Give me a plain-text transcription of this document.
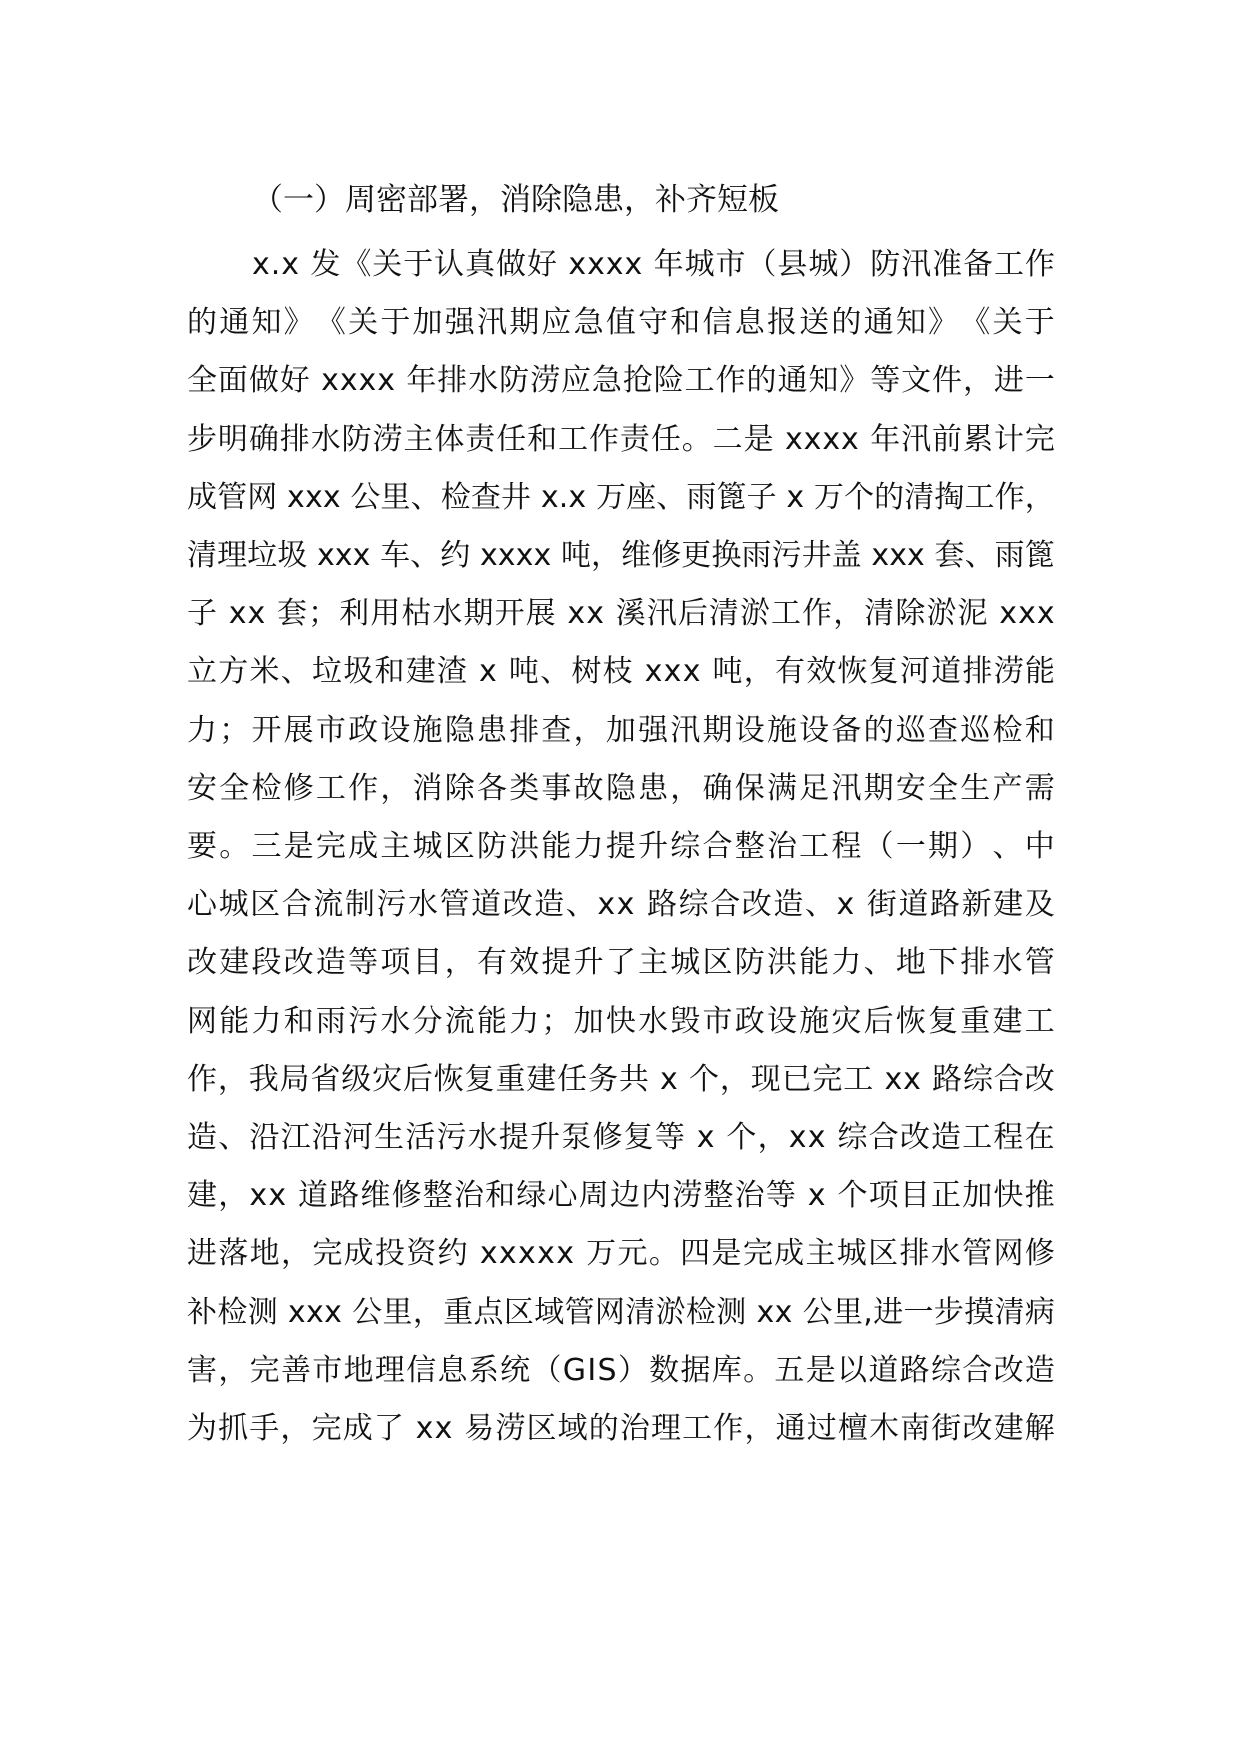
（一）周密部署，消除隐患，补齐短板
x . x
发 《 关 于 认 真 做 好
x x x x
年 城 市 （ 县 城 ） 防 汛 准 备 工 作
的 通 知 》 《 关 于 加 强 汛 期 应 急 值 守 和 信 息 报 送 的 通 知 》 《 关 于
全 面 做 好
x x x x
年 排 水 防 涝 应 急 抢 险 工 作 的 通 知 》 等 文 件 ， 进 一
步 明 确 排 水 防 涝 主 体 责 任 和 工 作 责 任 。 二 是
x x x x
年 汛 前 累 计 完
成 管 网
x x x
公 里 、 检 查 井
x . x
万 座 、 雨 篦 子
x
万 个 的 清 掏 工 作 ，
清 理 垃 圾
x x x
车 、 约
x x x x
吨 ， 维 修 更 换 雨 污 井 盖
x x x
套 、 雨 篦
子
x x
套 ； 利 用 枯 水 期 开 展
x x
溪 汛 后 清 淤 工 作 ， 清 除 淤 泥
x x x
立 方 米 、 垃 圾 和 建 渣
x
吨 、 树 枝
x x x
吨 ， 有 效 恢 复 河 道 排 涝 能
力 ； 开 展 市 政 设 施 隐 患 排 查 ， 加 强 汛 期 设 施 设 备 的 巡 查 巡 检 和
安 全 检 修 工 作 ， 消 除 各 类 事 故 隐 患 ， 确 保 满 足 汛 期 安 全 生 产 需
要 。 三 是 完 成 主 城 区 防 洪 能 力 提 升 综 合 整 治 工 程 （ 一 期 ） 、 中
心 城 区 合 流 制 污 水 管 道 改 造 、 x x
路 综 合 改 造 、 x
街 道 路 新 建 及
改 建 段 改 造 等 项 目 ， 有 效 提 升 了 主 城 区 防 洪 能 力 、 地 下 排 水 管
网 能 力 和 雨 污 水 分 流 能 力 ； 加 快 水 毁 市 政 设 施 灾 后 恢 复 重 建 工
作 ， 我 局 省 级 灾 后 恢 复 重 建 任 务 共
x
个 ， 现 已 完 工
x x
路 综 合 改
造 、 沿 江 沿 河 生 活 污 水 提 升 泵 修 复 等
x
个 ， x x
综 合 改 造 工 程 在
建 ， x x
道 路 维 修 整 治 和 绿 心 周 边 内 涝 整 治 等
x
个 项 目 正 加 快 推
进 落 地 ， 完 成 投 资 约
x x x x x
万 元 。 四 是 完 成 主 城 区 排 水 管 网 修
补 检 测
x x x
公 里 ， 重 点 区 域 管 网 清 淤 检 测
x x
公 里 , 进 一 步 摸 清 病
害 ， 完 善 市 地 理 信 息 系 统 （ G I S ） 数 据 库 。 五 是 以 道 路 综 合 改 造
为 抓 手 ， 完 成 了
x x
易 涝 区 域 的 治 理 工 作 ， 通 过 檀 木 南 街 改 建 解
